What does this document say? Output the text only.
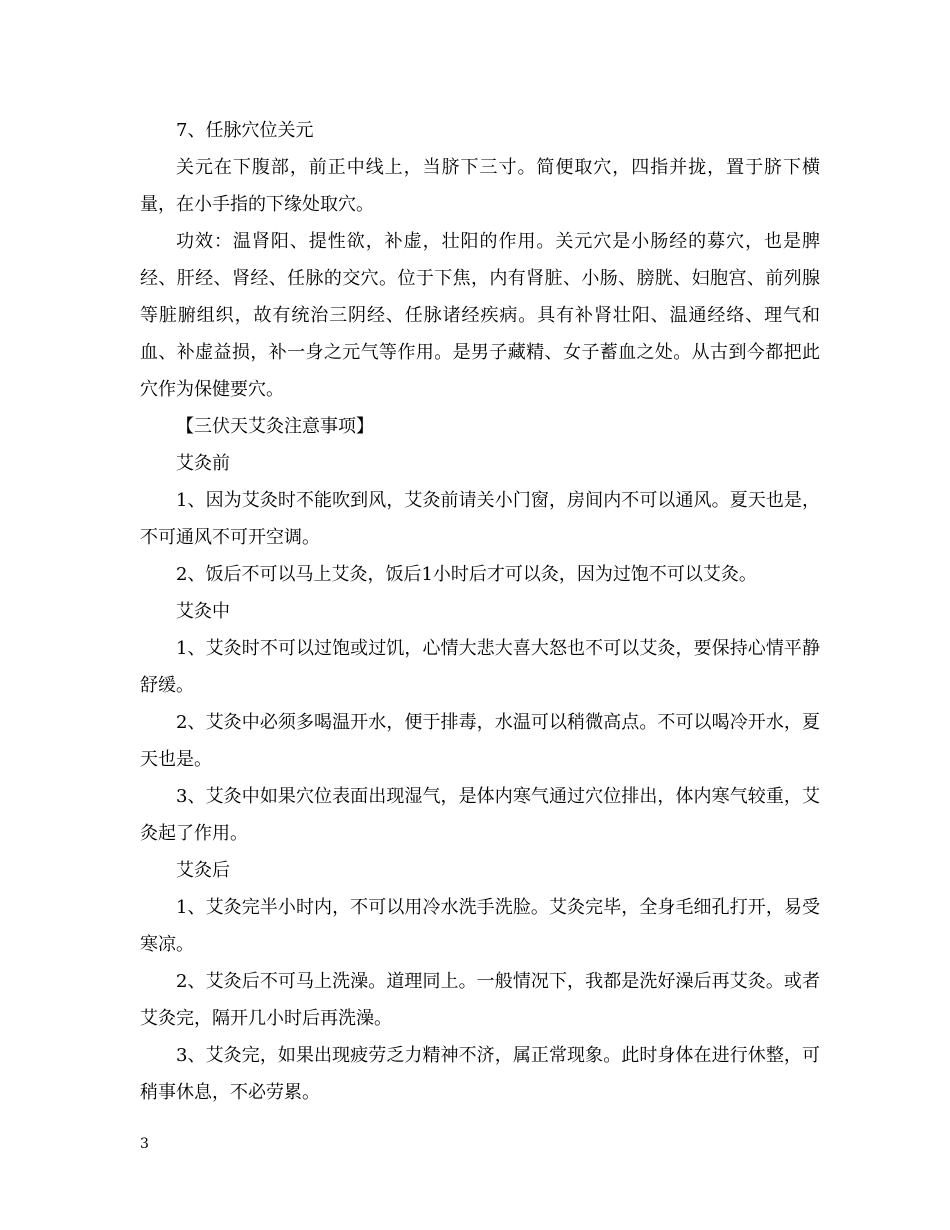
7、任脉穴位关元

关元在下腹部，前正中线上，当脐下三寸。简便取穴，四指并拢，置于脐下横量，在小手指的下缘处取穴。

功效：温肾阳、提性欲，补虚，壮阳的作用。关元穴是小肠经的募穴，也是脾经、肝经、肾经、任脉的交穴。位于下焦，内有肾脏、小肠、膀胱、妇胞宫、前列腺等脏腑组织，故有统治三阴经、任脉诸经疾病。具有补肾壮阳、温通经络、理气和血、补虚益损，补一身之元气等作用。是男子藏精、女子蓄血之处。从古到今都把此穴作为保健要穴。

【三伏天艾灸注意事项】

艾灸前

1、因为艾灸时不能吹到风，艾灸前请关小门窗，房间内不可以通风。夏天也是，不可通风不可开空调。

2、饭后不可以马上艾灸，饭后1小时后才可以灸，因为过饱不可以艾灸。

艾灸中

1、艾灸时不可以过饱或过饥，心情大悲大喜大怒也不可以艾灸，要保持心情平静舒缓。

2、艾灸中必须多喝温开水，便于排毒，水温可以稍微高点。不可以喝冷开水，夏天也是。

3、艾灸中如果穴位表面出现湿气，是体内寒气通过穴位排出，体内寒气较重，艾灸起了作用。

艾灸后

1、艾灸完半小时内，不可以用冷水洗手洗脸。艾灸完毕，全身毛细孔打开，易受寒凉。

2、艾灸后不可马上洗澡。道理同上。一般情况下，我都是洗好澡后再艾灸。或者艾灸完，隔开几小时后再洗澡。

3、艾灸完，如果出现疲劳乏力精神不济，属正常现象。此时身体在进行休整，可稍事休息，不必劳累。

3
